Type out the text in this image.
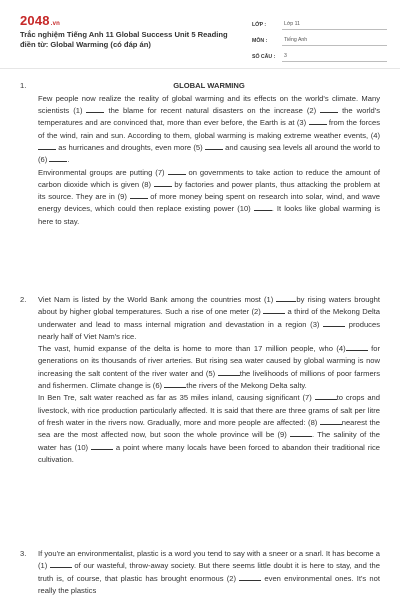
2048.vn
Trắc nghiệm Tiếng Anh 11 Global Success Unit 5 Reading điền từ: Global Warming (có đáp án)
LỚP :	Lớp 11
MÔN :	Tiếng Anh
SỐ CÂU :	3
1.	GLOBAL WARMING

Few people now realize the reality of global warming and its effects on the world's climate. Many scientists (1)  the blame for recent natural disasters on the increase (2)  the world's temperatures and are convinced that, more than ever before, the Earth is at (3)  from the forces of the wind, rain and sun. According to them, global warming is making extreme weather events, (4)  as hurricanes and droughts, even more (5)  and causing sea levels all around the world to (6) .

Environmental groups are putting (7)  on governments to take action to reduce the amount of carbon dioxide which is given (8)  by factories and power plants, thus attacking the problem at its source. They are in (9)  of more money being spent on research into solar, wind, and wave energy devices, which could then replace existing power (10) . It looks like global warming is here to stay.

2.	Viet Nam is listed by the World Bank among the countries most (1)	by rising waters brought about by higher global temperatures. Such a rise of one meter (2)	a third of the Mekong Delta underwater and lead to mass internal migration and devastation in a region (3)	produces nearly half of Viet Nam's rice.

The vast, humid expanse of the delta is home to more than 17 million people, who (4)	for generations on its thousands of river arteries. But rising sea water caused by global warming is now increasing the salt content of the river water and (5)	the livelihoods of millions of poor farmers and fishermen. Climate change is (6)	the rivers of the Mekong Delta salty.

In Ben Tre, salt water reached as far as 35 miles inland, causing significant (7)	to crops and livestock, with rice production particularly affected. It is said that there are three grams of salt per litre of fresh water in the rivers now. Gradually, more and more people are affected: (8)	nearest the sea are the most affected now, but soon the whole province will be (9)	. The salinity of the water has (10)	a point where many locals have been forced to abandon their traditional rice cultivation.

3.	If you're an environmentalist, plastic is a word you tend to say with a sneer or a snarl. It has become a (1)	of our wasteful, throw-away society. But there seems little doubt it is here to stay, and the truth is, of course, that plastic has brought enormous (2)	even environmental ones. It's not really the plastics
